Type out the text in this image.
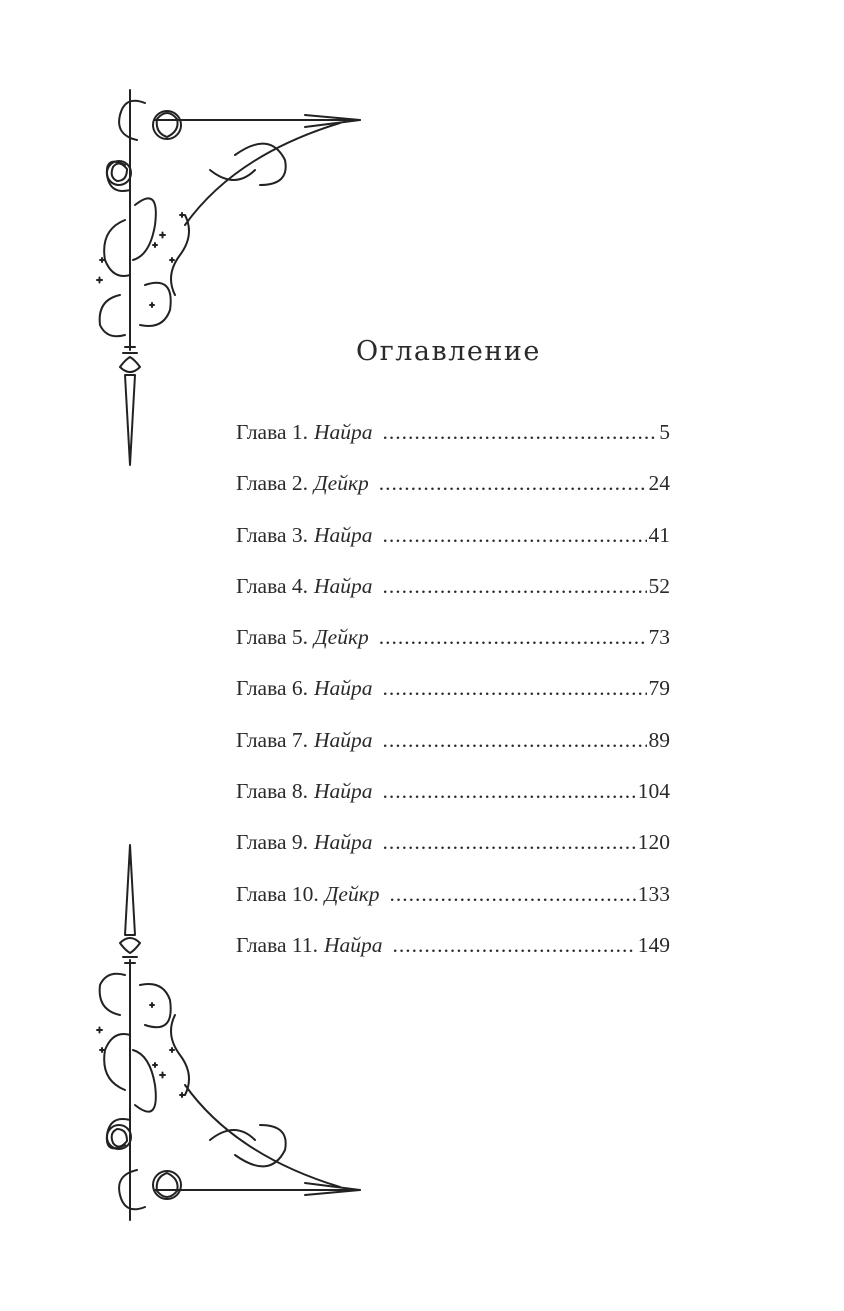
Оглавление
Глава 1. Найра .....	5
Глава 2. Дейкр .....	24
Глава 3. Найра .....	41
Глава 4. Найра .....	52
Глава 5. Дейкр .....	73
Глава 6. Найра .....	79
Глава 7. Найра .....	89
Глава 8. Найра .....	104
Глава 9. Найра .....	120
Глава 10. Дейкр .....	133
Глава 11. Найра .....	149
